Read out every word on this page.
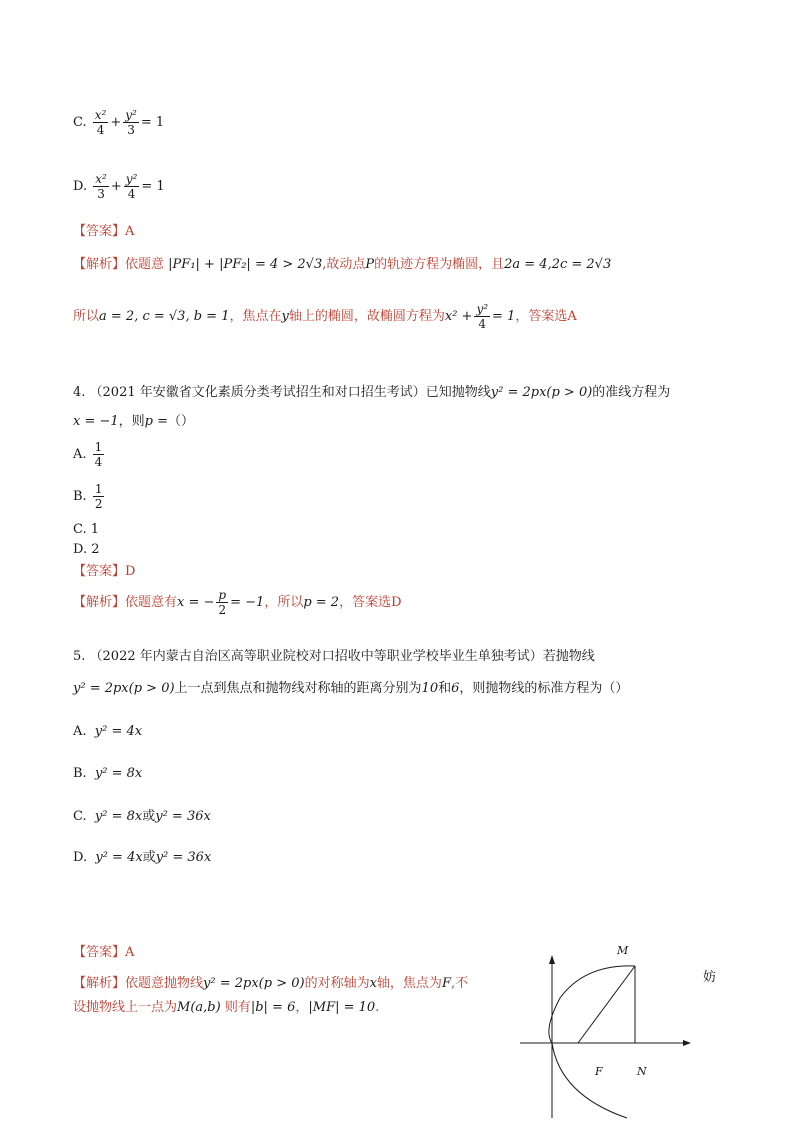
C. $\frac{\text{x²}}{4} + \frac{\text{y²}}{3} = 1$
D. $\frac{\text{x²}}{3} + \frac{\text{y²}}{4} = 1$
【答案】A
【解析】依题意 |PF₁| + |PF₂| = 4 > 2√3,故动点P的轨迹方程为椭圆，且2a = 4,2c = 2√3
所以a = 2, c = √3, b = 1，焦点在y轴上的椭圆，故椭圆方程为$x^2 + \frac{\text{y²}}{4} = 1$，答案选A
4. （2021 年安徽省文化素质分类考试招生和对口招生考试）已知抛物线y² = 2px(p > 0)的准线方程为
x = −1，则p =（）
A. $\frac{1}{4}$
B. $\frac{1}{2}$
C. 1
D. 2
【答案】D
【解析】依题意有x = − $\frac{p}{2} = -1$，所以p = 2，答案选D
5. （2022 年内蒙古自治区高等职业院校对口招收中等职业学校毕业生单独考试）若抛物线
y² = 2px(p > 0)上一点到焦点和抛物线对称轴的距离分别为10和6，则抛物线的标准方程为（）
A. y² = 4x
B. y² = 8x
C. y² = 8x或y² = 36x
D. y² = 4x或y² = 36x
【答案】A
【解析】依题意抛物线y² = 2px(p > 0)的对称轴为x轴，焦点为F,不
设抛物线上一点为M(a,b) 则有|b| = 6，|MF| = 10.
妨
M
F	N
